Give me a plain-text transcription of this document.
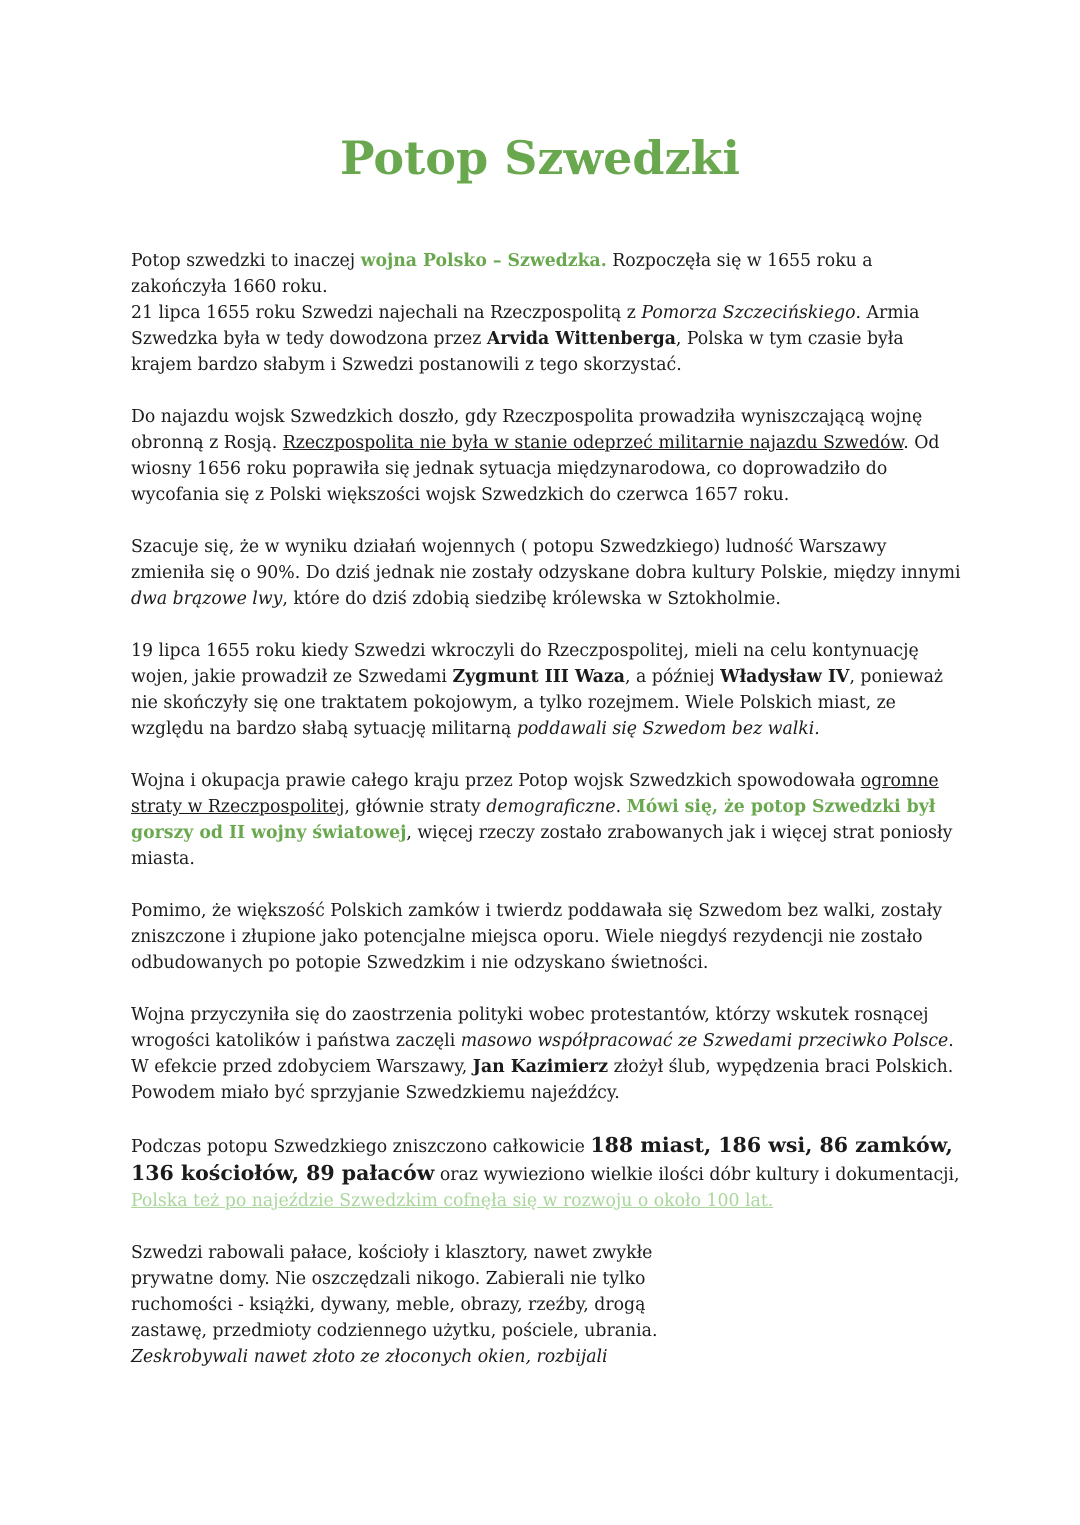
Potop Szwedzki

Potop szwedzki to inaczej wojna Polsko – Szwedzka. Rozpoczęła się w 1655 roku a zakończyła 1660 roku.
21 lipca 1655 roku Szwedzi najechali na Rzeczpospolitą z Pomorza Szczecińskiego. Armia Szwedzka była w tedy dowodzona przez Arvida Wittenberga, Polska w tym czasie była krajem bardzo słabym i Szwedzi postanowili z tego skorzystać.

Do najazdu wojsk Szwedzkich doszło, gdy Rzeczpospolita prowadziła wyniszczającą wojnę obronną z Rosją. Rzeczpospolita nie była w stanie odeprzeć militarnie najazdu Szwedów. Od wiosny 1656 roku poprawiła się jednak sytuacja międzynarodowa, co doprowadziło do wycofania się z Polski większości wojsk Szwedzkich do czerwca 1657 roku.

Szacuje się, że w wyniku działań wojennych ( potopu Szwedzkiego) ludność Warszawy zmieniła się o 90%. Do dziś jednak nie zostały odzyskane dobra kultury Polskie, między innymi dwa brązowe lwy, które do dziś zdobią siedzibę królewska w Sztokholmie.

19 lipca 1655 roku kiedy Szwedzi wkroczyli do Rzeczpospolitej, mieli na celu kontynuację wojen, jakie prowadził ze Szwedami Zygmunt III Waza, a później Władysław IV, ponieważ nie skończyły się one traktatem pokojowym, a tylko rozejmem. Wiele Polskich miast, ze względu na bardzo słabą sytuację militarną poddawali się Szwedom bez walki.

Wojna i okupacja prawie całego kraju przez Potop wojsk Szwedzkich spowodowała ogromne straty w Rzeczpospolitej, głównie straty demograficzne. Mówi się, że potop Szwedzki był gorszy od II wojny światowej, więcej rzeczy zostało zrabowanych jak i więcej strat poniosły miasta.

Pomimo, że większość Polskich zamków i twierdz poddawała się Szwedom bez walki, zostały zniszczone i złupione jako potencjalne miejsca oporu. Wiele niegdyś rezydencji nie zostało odbudowanych po potopie Szwedzkim i nie odzyskano świetności.

Wojna przyczyniła się do zaostrzenia polityki wobec protestantów, którzy wskutek rosnącej wrogości katolików i państwa zaczęli masowo współpracować ze Szwedami przeciwko Polsce. W efekcie przed zdobyciem Warszawy, Jan Kazimierz złożył ślub, wypędzenia braci Polskich. Powodem miało być sprzyjanie Szwedzkiemu najeźdźcy.

Podczas potopu Szwedzkiego zniszczono całkowicie 188 miast, 186 wsi, 86 zamków, 136 kościołów, 89 pałaców oraz wywieziono wielkie ilości dóbr kultury i dokumentacji, Polska też po najeździe Szwedzkim cofnęła się w rozwoju o około 100 lat.

Szwedzi rabowali pałace, kościoły i klasztory, nawet zwykłe prywatne domy. Nie oszczędzali nikogo. Zabierali nie tylko ruchomości - książki, dywany, meble, obrazy, rzeźby, drogą zastawę, przedmioty codziennego użytku, pościele, ubrania. Zeskrobywali nawet złoto ze złoconych okien, rozbijali
